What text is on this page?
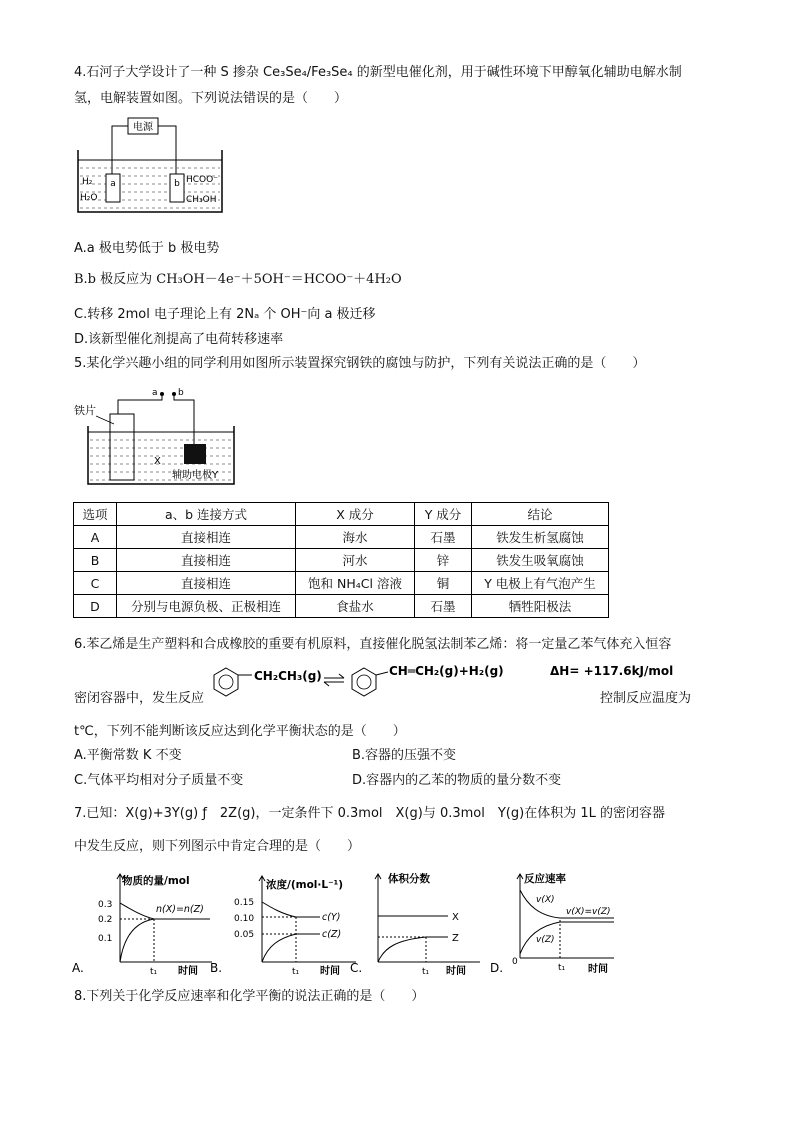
4.石河子大学设计了一种 S 掺杂 Ce₃Se₄/Fe₃Se₄ 的新型电催化剂，用于碱性环境下甲醇氧化辅助电解水制
氢，电解装置如图。下列说法错误的是（　　）
电源
a	b
H₂
H₂O
HCOO⁻
CH₃OH
A.a 极电势低于 b 极电势
B.b 极反应为 CH₃OH－4e⁻＋5OH⁻＝HCOO⁻＋4H₂O
C.转移 2mol 电子理论上有 2Nₐ 个 OH⁻向 a 极迁移
D.该新型催化剂提高了电荷转移速率
5.某化学兴趣小组的同学利用如图所示装置探究钢铁的腐蚀与防护，下列有关说法正确的是（　　）
a b
铁片
X
辅助电极Y
选项	a、b 连接方式	X 成分	Y 成分	结论
A	直接相连	海水	石墨	铁发生析氢腐蚀
B	直接相连	河水	锌	铁发生吸氧腐蚀
C	直接相连	饱和 NH₄Cl 溶液	铜	Y 电极上有气泡产生
D	分别与电源负极、正极相连	食盐水	石墨	牺牲阳极法
6.苯乙烯是生产塑料和合成橡胶的重要有机原料，直接催化脱氢法制苯乙烯：将一定量乙苯气体充入恒容
CH₂CH₃(g)	CH═CH₂(g)+H₂(g)	ΔH= +117.6kJ/mol
密闭容器中，发生反应	控制反应温度为
t℃，下列不能判断该反应达到化学平衡状态的是（　　）
A.平衡常数 K 不变	B.容器的压强不变
C.气体平均相对分子质量不变	D.容器内的乙苯的物质的量分数不变
7.已知：X(g)+3Y(g) ƒ　2Z(g)，一定条件下 0.3mol　X(g)与 0.3mol　Y(g)在体积为 1L 的密闭容器
中发生反应，则下列图示中肯定合理的是（　　）
A.
物质的量/mol
0.3
0.2
0.1
n(X)=n(Z)
t₁ 时间 B.
浓度/(mol·L⁻¹)
0.15
0.10
0.05
c(Y)
c(Z)
t₁ 时间 C.
体积分数
X
Z
t₁ 时间 D. 0
反应速率
v(X)
v(Z)
v(X)=v(Z)
t₁ 时间
8.下列关于化学反应速率和化学平衡的说法正确的是（　　）
